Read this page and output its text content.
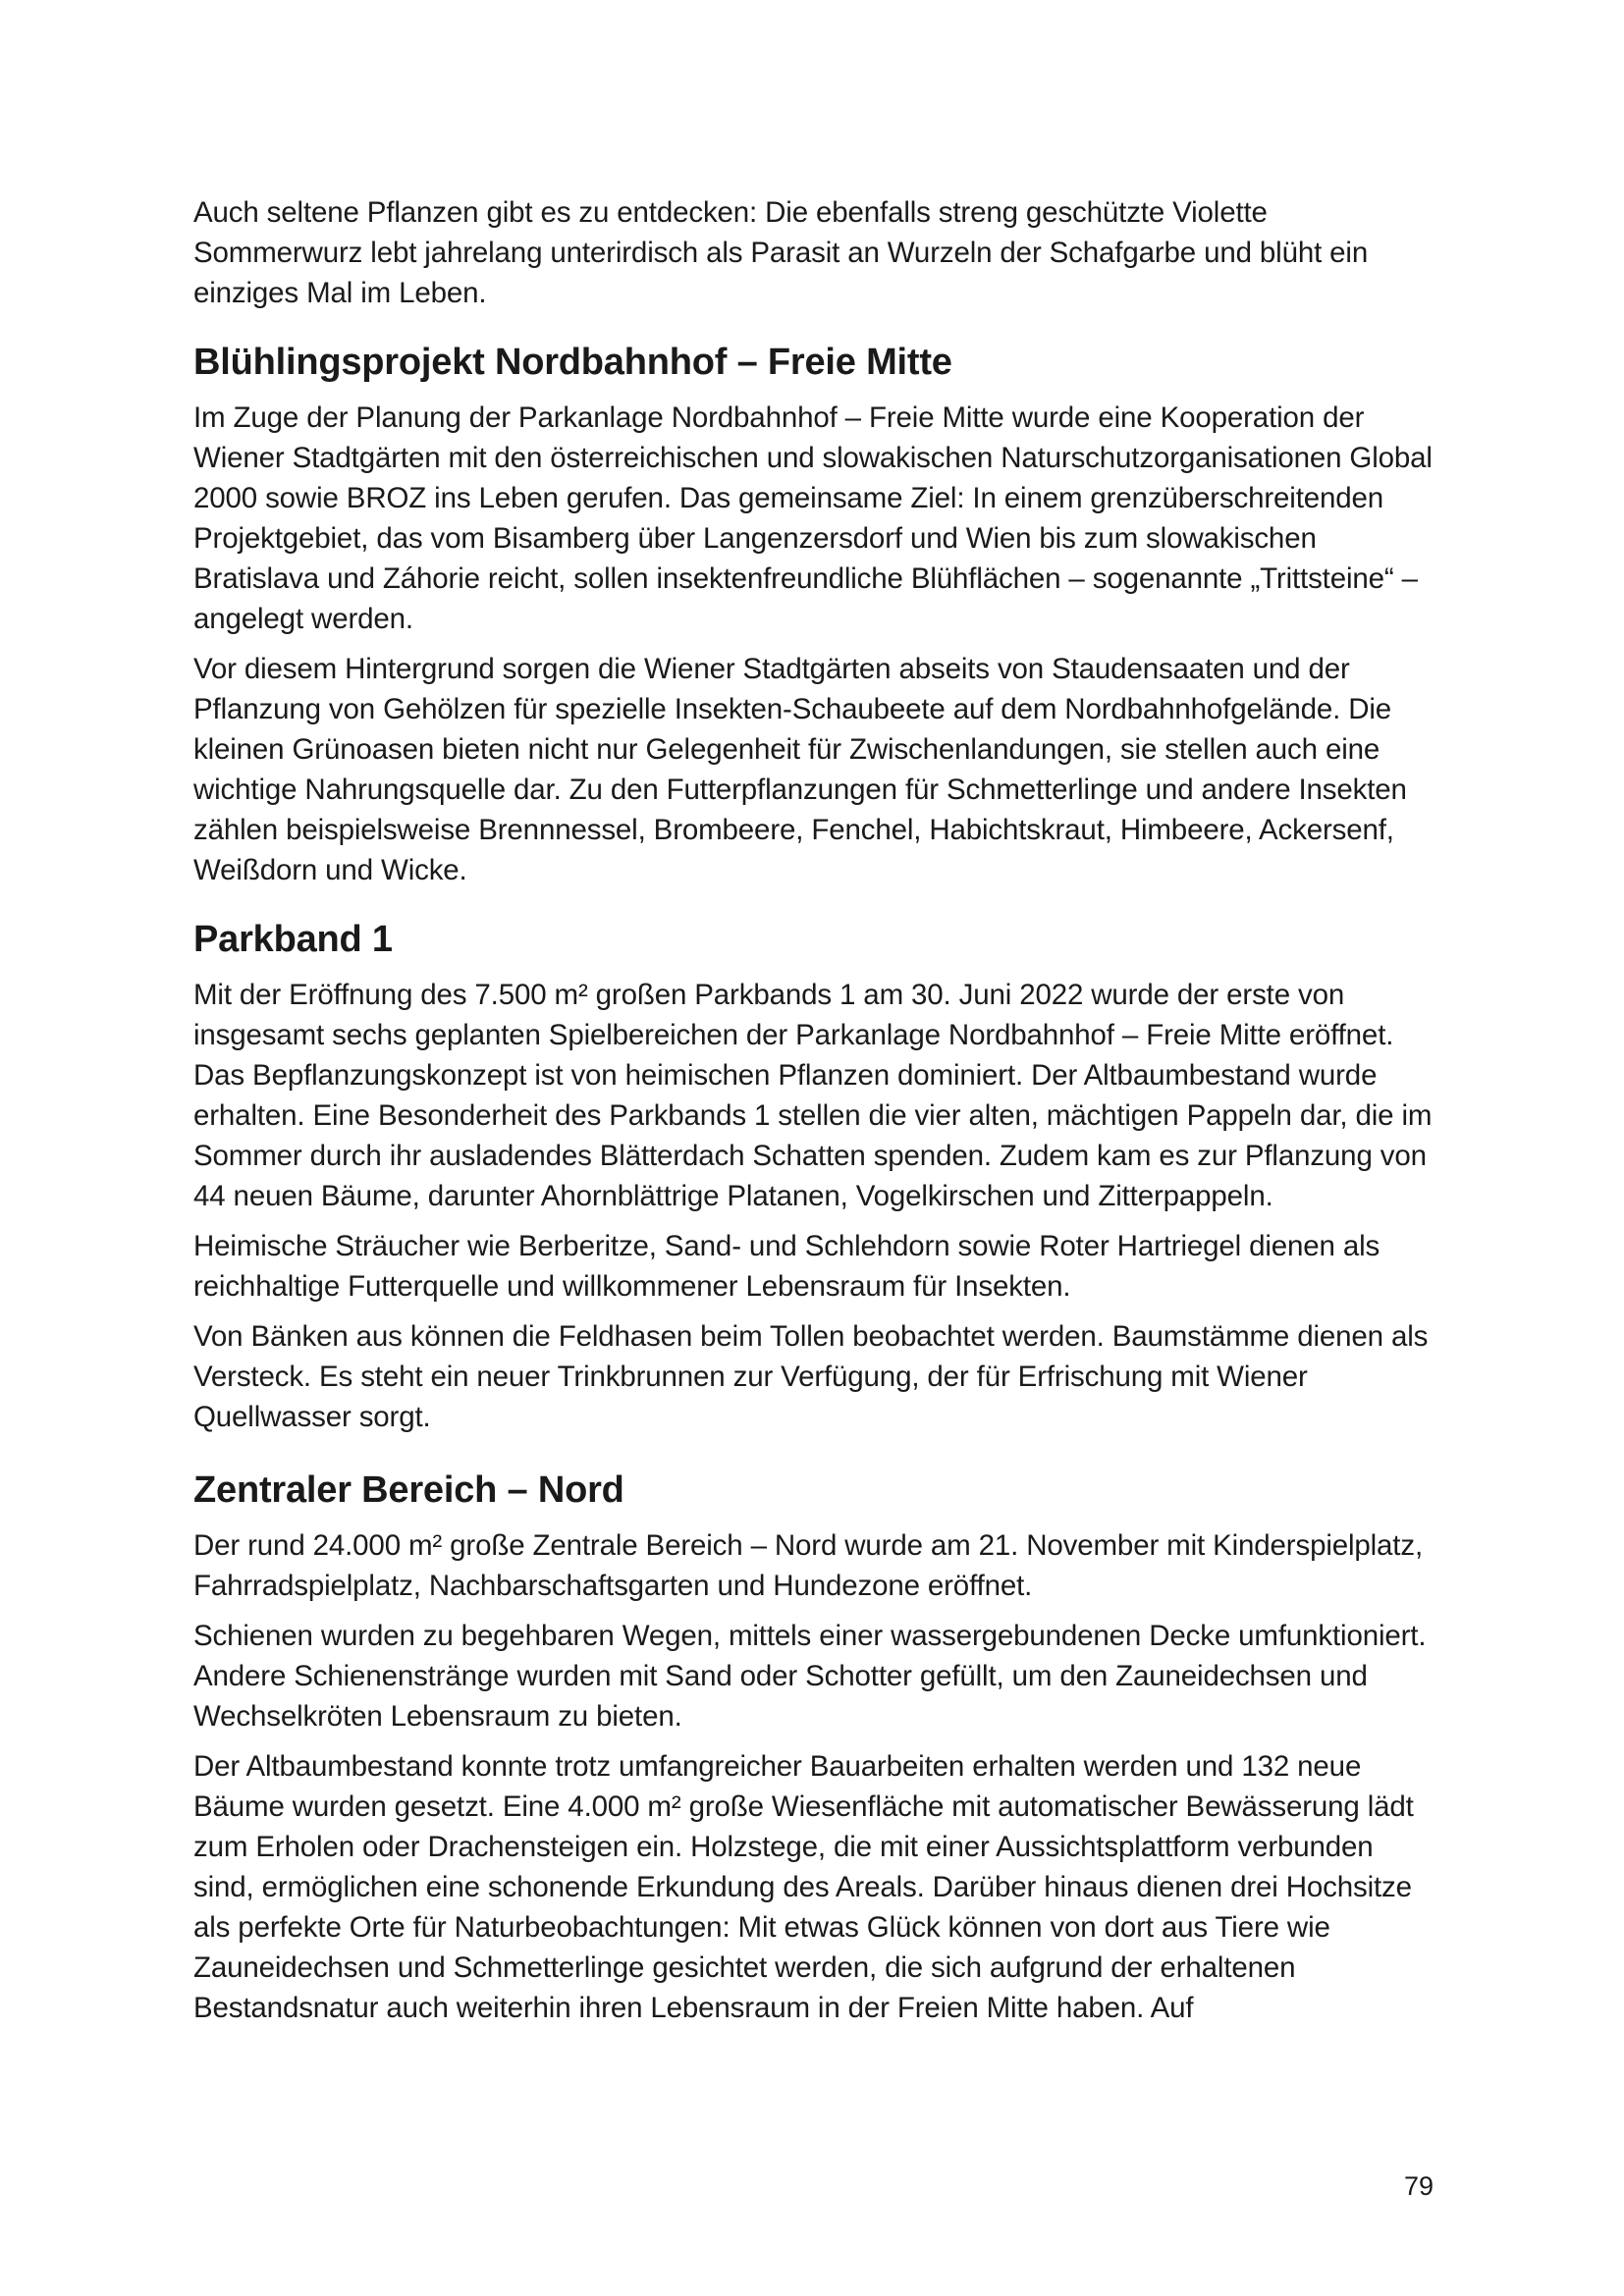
Auch seltene Pflanzen gibt es zu entdecken: Die ebenfalls streng geschützte Violette Sommerwurz lebt jahrelang unterirdisch als Parasit an Wurzeln der Schafgarbe und blüht ein einziges Mal im Leben.

Blühlingsprojekt Nordbahnhof – Freie Mitte

Im Zuge der Planung der Parkanlage Nordbahnhof – Freie Mitte wurde eine Kooperation der Wiener Stadtgärten mit den österreichischen und slowakischen Naturschutzorganisationen Global 2000 sowie BROZ ins Leben gerufen. Das gemeinsame Ziel: In einem grenzüberschreitenden Projektgebiet, das vom Bisamberg über Langenzersdorf und Wien bis zum slowakischen Bratislava und Záhorie reicht, sollen insektenfreundliche Blühflächen – sogenannte „Trittsteine“ – angelegt werden.

Vor diesem Hintergrund sorgen die Wiener Stadtgärten abseits von Staudensaaten und der Pflanzung von Gehölzen für spezielle Insekten-Schaubeete auf dem Nordbahnhofgelände. Die kleinen Grünoasen bieten nicht nur Gelegenheit für Zwischenlandungen, sie stellen auch eine wichtige Nahrungsquelle dar. Zu den Futterpflanzungen für Schmetterlinge und andere Insekten zählen beispielsweise Brennnessel, Brombeere, Fenchel, Habichtskraut, Himbeere, Ackersenf, Weißdorn und Wicke.

Parkband 1

Mit der Eröffnung des 7.500 m² großen Parkbands 1 am 30. Juni 2022 wurde der erste von insgesamt sechs geplanten Spielbereichen der Parkanlage Nordbahnhof – Freie Mitte eröffnet. Das Bepflanzungskonzept ist von heimischen Pflanzen dominiert. Der Altbaumbestand wurde erhalten. Eine Besonderheit des Parkbands 1 stellen die vier alten, mächtigen Pappeln dar, die im Sommer durch ihr ausladendes Blätterdach Schatten spenden. Zudem kam es zur Pflanzung von 44 neuen Bäume, darunter Ahornblättrige Platanen, Vogelkirschen und Zitterpappeln.

Heimische Sträucher wie Berberitze, Sand- und Schlehdorn sowie Roter Hartriegel dienen als reichhaltige Futterquelle und willkommener Lebensraum für Insekten.

Von Bänken aus können die Feldhasen beim Tollen beobachtet werden. Baumstämme dienen als Versteck. Es steht ein neuer Trinkbrunnen zur Verfügung, der für Erfrischung mit Wiener Quellwasser sorgt.

Zentraler Bereich – Nord

Der rund 24.000 m² große Zentrale Bereich – Nord wurde am 21. November mit Kinderspielplatz, Fahrradspielplatz, Nachbarschaftsgarten und Hundezone eröffnet.

Schienen wurden zu begehbaren Wegen, mittels einer wassergebundenen Decke umfunktioniert. Andere Schienenstränge wurden mit Sand oder Schotter gefüllt, um den Zauneidechsen und Wechselkröten Lebensraum zu bieten.

Der Altbaumbestand konnte trotz umfangreicher Bauarbeiten erhalten werden und 132 neue Bäume wurden gesetzt. Eine 4.000 m² große Wiesenfläche mit automatischer Bewässerung lädt zum Erholen oder Drachensteigen ein. Holzstege, die mit einer Aussichtsplattform verbunden sind, ermöglichen eine schonende Erkundung des Areals. Darüber hinaus dienen drei Hochsitze als perfekte Orte für Naturbeobachtungen: Mit etwas Glück können von dort aus Tiere wie Zauneidechsen und Schmetterlinge gesichtet werden, die sich aufgrund der erhaltenen Bestandsnatur auch weiterhin ihren Lebensraum in der Freien Mitte haben. Auf

79
